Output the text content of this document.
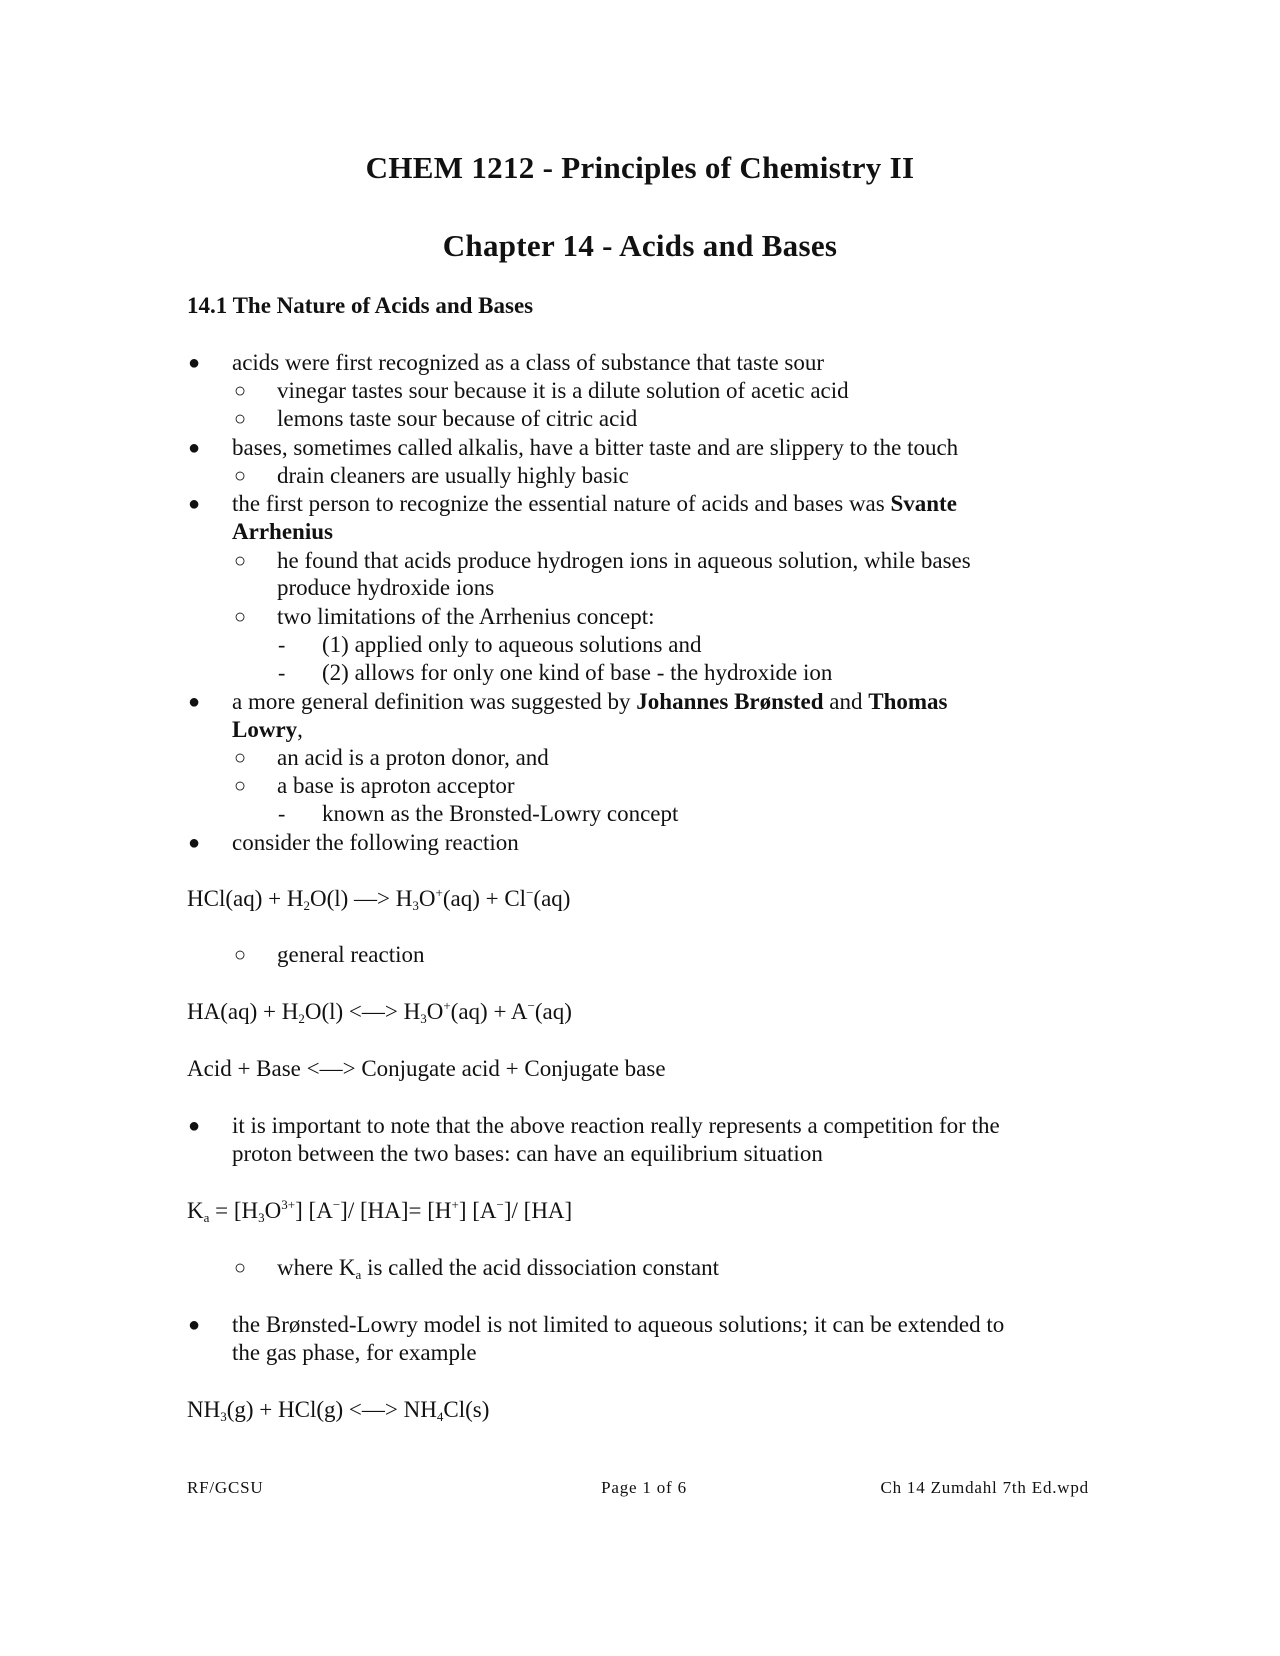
CHEM 1212 - Principles of Chemistry II
Chapter 14 - Acids and Bases
14.1 The Nature of Acids and Bases
● acids were first recognized as a class of substance that taste sour
○ vinegar tastes sour because it is a dilute solution of acetic acid
○ lemons taste sour because of citric acid
● bases, sometimes called alkalis, have a bitter taste and are slippery to the touch
○ drain cleaners are usually highly basic
● the first person to recognize the essential nature of acids and bases was Svante
Arrhenius
○ he found that acids produce hydrogen ions in aqueous solution, while bases
produce hydroxide ions
○ two limitations of the Arrhenius concept:
- (1) applied only to aqueous solutions and
- (2) allows for only one kind of base - the hydroxide ion
● a more general definition was suggested by Johannes Brønsted and Thomas
Lowry,
○ an acid is a proton donor, and
○ a base is aproton acceptor
- known as the Bronsted-Lowry concept
● consider the following reaction
$HCl(aq) + H_2O(l)$ —> $H_3O^+(aq) + Cl^-(aq)$
○ general reaction
$HA(aq) + H_2O(l)$ <—> $H_3O^+(aq) + A^-(aq)$
Acid + Base <—> Conjugate acid + Conjugate base
● it is important to note that the above reaction really represents a competition for the
proton between the two bases: can have an equilibrium situation
$K_a = [H_3O^{3+}]$ [A−]/ [HA]= [H+] [A−]/ [HA]
○ where $K_a$ is called the acid dissociation constant
● the Brønsted-Lowry model is not limited to aqueous solutions; it can be extended to
the gas phase, for example
$NH_3(g) + HCl(g)$ <—> $NH_4Cl(s)$
RF/GCSU	Page 1 of 6	Ch 14 Zumdahl 7th Ed.wpd
